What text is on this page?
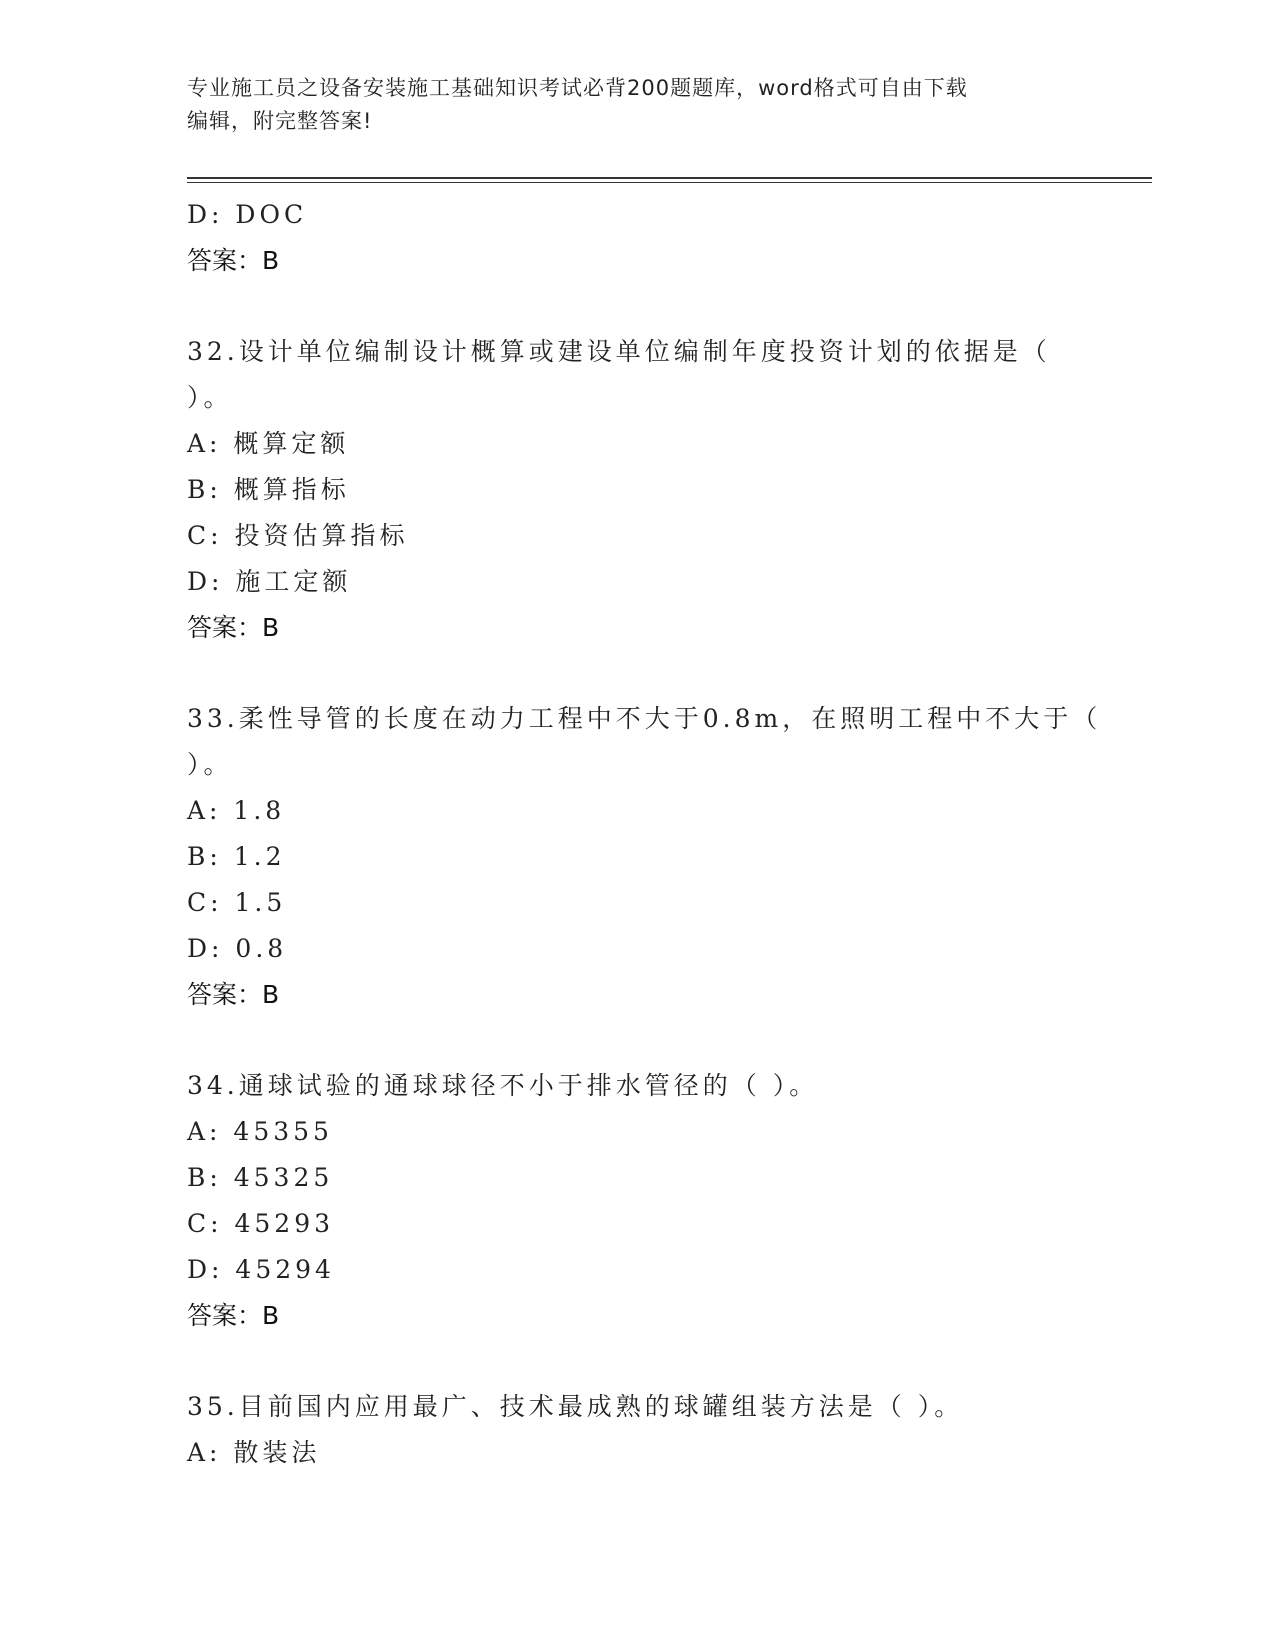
专业施工员之设备安装施工基础知识考试必背200题题库，word格式可自由下载
编辑，附完整答案!
D: DOC
答案：B
32.设计单位编制设计概算或建设单位编制年度投资计划的依据是（
）。
A: 概算定额
B: 概算指标
C: 投资估算指标
D: 施工定额
答案：B
33.柔性导管的长度在动力工程中不大于0.8m，在照明工程中不大于（
）。
A: 1.8
B: 1.2
C: 1.5
D: 0.8
答案：B
34.通球试验的通球球径不小于排水管径的（ ）。
A: 45355
B: 45325
C: 45293
D: 45294
答案：B
35.目前国内应用最广、技术最成熟的球罐组装方法是（ ）。
A: 散装法
